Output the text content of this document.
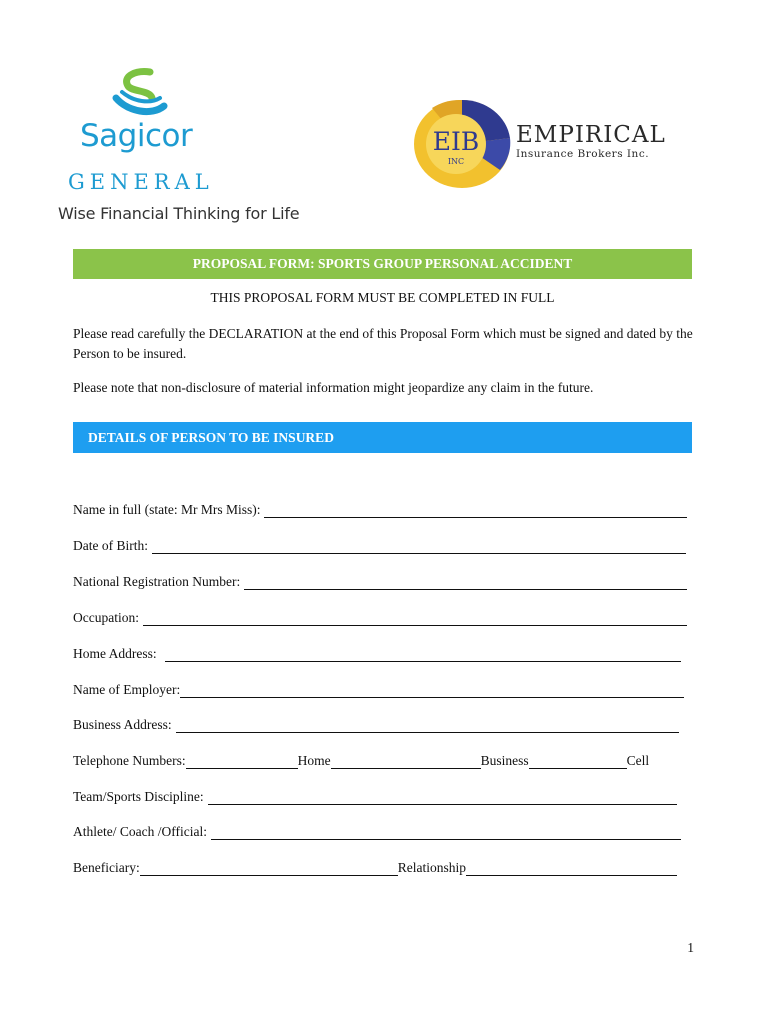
Sagicor
GENERAL
Wise Financial Thinking for Life
EIB
INC
EMPIRICAL
Insurance Brokers Inc.
PROPOSAL FORM: SPORTS GROUP PERSONAL ACCIDENT
THIS PROPOSAL FORM MUST BE COMPLETED IN FULL
Please read carefully the DECLARATION at the end of this Proposal Form which must be signed and dated by the Person to be insured.
Please note that non-disclosure of material information might jeopardize any claim in the future.
DETAILS OF PERSON TO BE INSURED
Name in full (state: Mr Mrs Miss):
Date of Birth:
National Registration Number:
Occupation:
Home Address:
Name of Employer:
Business Address:
Telephone Numbers:	Home	Business	Cell
Team/Sports Discipline:
Athlete/ Coach /Official:
Beneficiary:	Relationship
1
